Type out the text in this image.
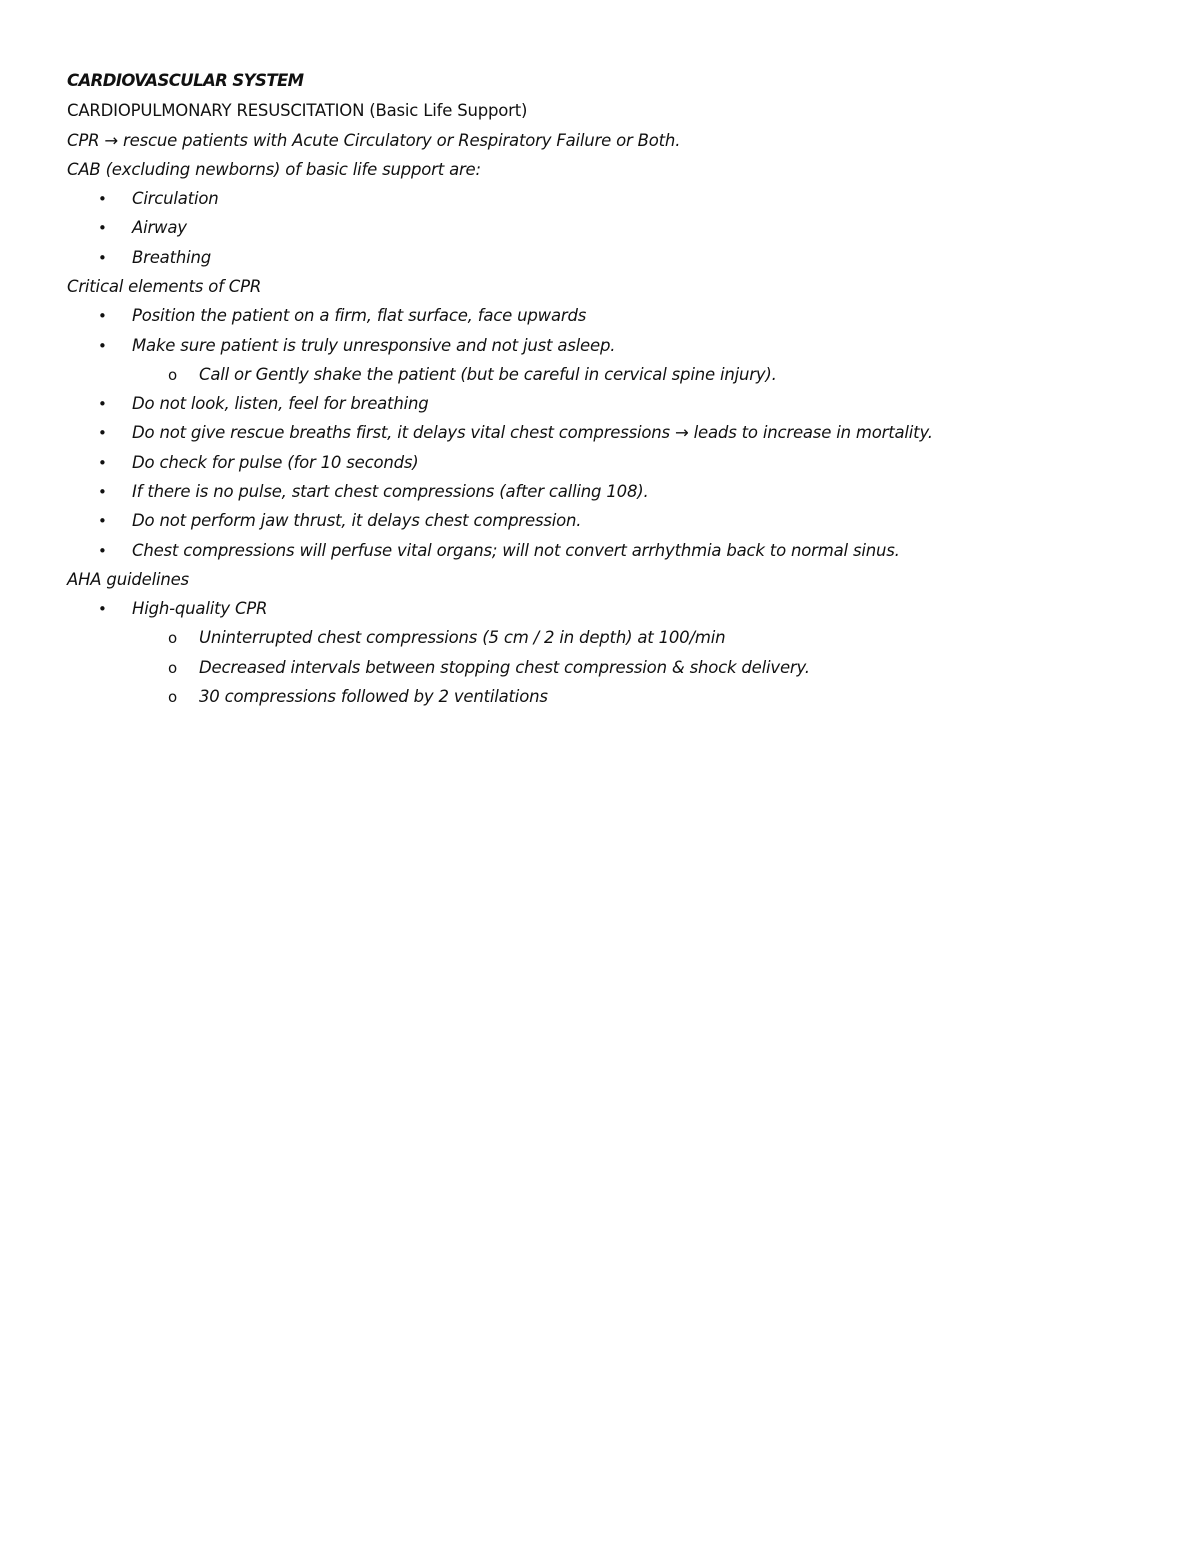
CARDIOVASCULAR SYSTEM
CARDIOPULMONARY RESUSCITATION (Basic Life Support)
CPR → rescue patients with Acute Circulatory or Respiratory Failure or Both.
CAB (excluding newborns) of basic life support are:
• Circulation
• Airway
• Breathing
Critical elements of CPR
• Position the patient on a firm, flat surface, face upwards
• Make sure patient is truly unresponsive and not just asleep.
o Call or Gently shake the patient (but be careful in cervical spine injury).
• Do not look, listen, feel for breathing
• Do not give rescue breaths first, it delays vital chest compressions → leads to increase in mortality.
• Do check for pulse (for 10 seconds)
• If there is no pulse, start chest compressions (after calling 108).
• Do not perform jaw thrust, it delays chest compression.
• Chest compressions will perfuse vital organs; will not convert arrhythmia back to normal sinus.
AHA guidelines
• High-quality CPR
o Uninterrupted chest compressions (5 cm / 2 in depth) at 100/min
o Decreased intervals between stopping chest compression & shock delivery.
o 30 compressions followed by 2 ventilations
